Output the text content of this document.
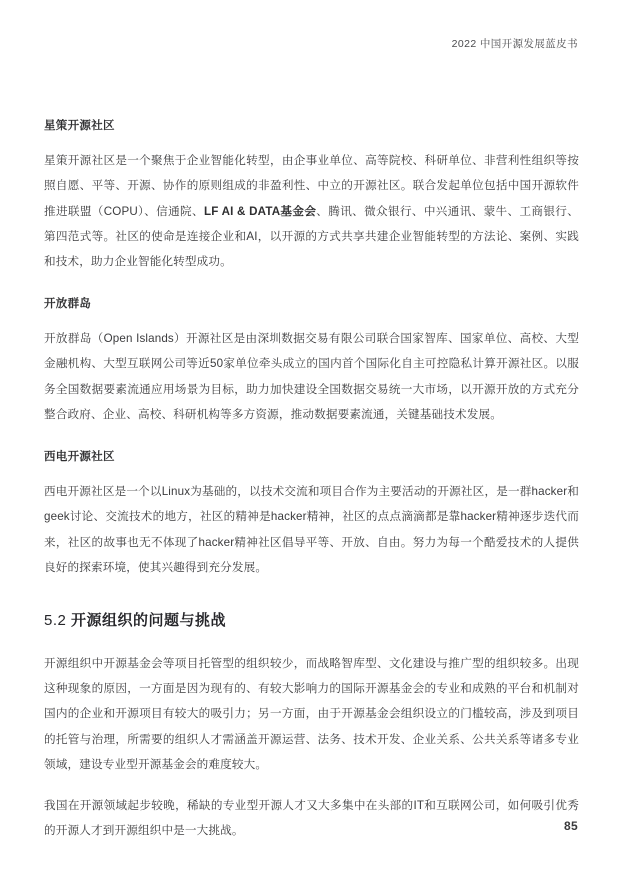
2022 中国开源发展蓝皮书
星策开源社区

星策开源社区是一个聚焦于企业智能化转型，由企事业单位、高等院校、科研单位、非营利性组织等按照自愿、平等、开源、协作的原则组成的非盈利性、中立的开源社区。联合发起单位包括中国开源软件推进联盟（COPU）、信通院、LF AI & DATA基金会、腾讯、微众银行、中兴通讯、蒙牛、工商银行、第四范式等。社区的使命是连接企业和AI，以开源的方式共享共建企业智能转型的方法论、案例、实践和技术，助力企业智能化转型成功。

开放群岛

开放群岛（Open Islands）开源社区是由深圳数据交易有限公司联合国家智库、国家单位、高校、大型金融机构、大型互联网公司等近50家单位牵头成立的国内首个国际化自主可控隐私计算开源社区。以服务全国数据要素流通应用场景为目标，助力加快建设全国数据交易统一大市场，以开源开放的方式充分整合政府、企业、高校、科研机构等多方资源，推动数据要素流通，关键基础技术发展。

西电开源社区

西电开源社区是一个以Linux为基础的，以技术交流和项目合作为主要活动的开源社区，是一群hacker和geek讨论、交流技术的地方，社区的精神是hacker精神，社区的点点滴滴都是靠hacker精神逐步迭代而来，社区的故事也无不体现了hacker精神社区倡导平等、开放、自由。努力为每一个酷爱技术的人提供良好的探索环境，使其兴趣得到充分发展。

5.2 开源组织的问题与挑战

开源组织中开源基金会等项目托管型的组织较少，而战略智库型、文化建设与推广型的组织较多。出现这种现象的原因，一方面是因为现有的、有较大影响力的国际开源基金会的专业和成熟的平台和机制对国内的企业和开源项目有较大的吸引力；另一方面，由于开源基金会组织设立的门槛较高，涉及到项目的托管与治理，所需要的组织人才需涵盖开源运营、法务、技术开发、企业关系、公共关系等诸多专业领域，建设专业型开源基金会的难度较大。

我国在开源领域起步较晚，稀缺的专业型开源人才又大多集中在头部的IT和互联网公司，如何吸引优秀的开源人才到开源组织中是一大挑战。	85
